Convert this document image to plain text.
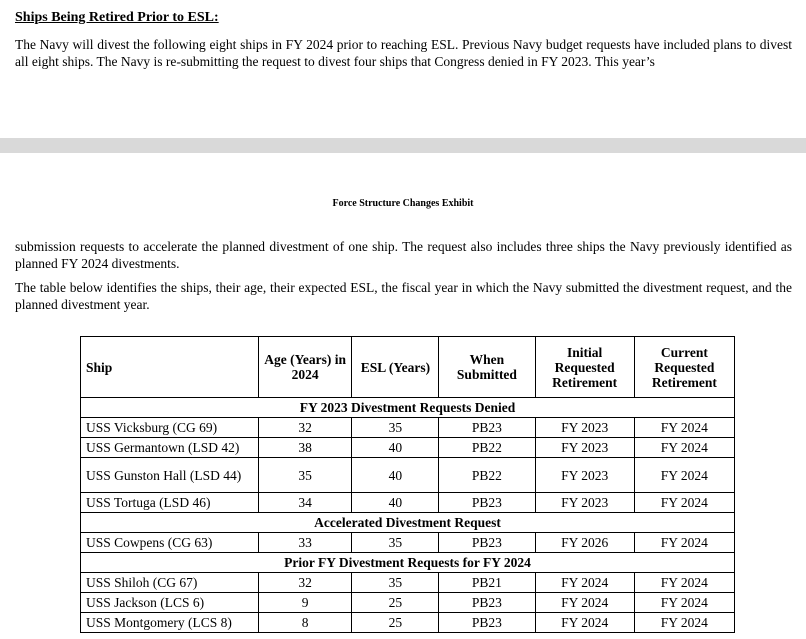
Ships Being Retired Prior to ESL:
The Navy will divest the following eight ships in FY 2024 prior to reaching ESL. Previous Navy budget requests have included plans to divest all eight ships. The Navy is re-submitting the request to divest four ships that Congress denied in FY 2023. This year’s
Force Structure Changes Exhibit
submission requests to accelerate the planned divestment of one ship. The request also includes three ships the Navy previously identified as planned FY 2024 divestments.
The table below identifies the ships, their age, their expected ESL, the fiscal year in which the Navy submitted the divestment request, and the planned divestment year.
Ship	Age (Years) in 2024	ESL (Years)	When Submitted	Initial Requested Retirement	Current Requested Retirement
FY 2023 Divestment Requests Denied					
USS Vicksburg (CG 69)	32	35	PB23	FY 2023	FY 2024
USS Germantown (LSD 42)	38	40	PB22	FY 2023	FY 2024
USS Gunston Hall (LSD 44)	35	40	PB22	FY 2023	FY 2024
USS Tortuga (LSD 46)	34	40	PB23	FY 2023	FY 2024
Accelerated Divestment Request					
USS Cowpens (CG 63)	33	35	PB23	FY 2026	FY 2024
Prior FY Divestment Requests for FY 2024					
USS Shiloh (CG 67)	32	35	PB21	FY 2024	FY 2024
USS Jackson (LCS 6)	9	25	PB23	FY 2024	FY 2024
USS Montgomery (LCS 8)	8	25	PB23	FY 2024	FY 2024
